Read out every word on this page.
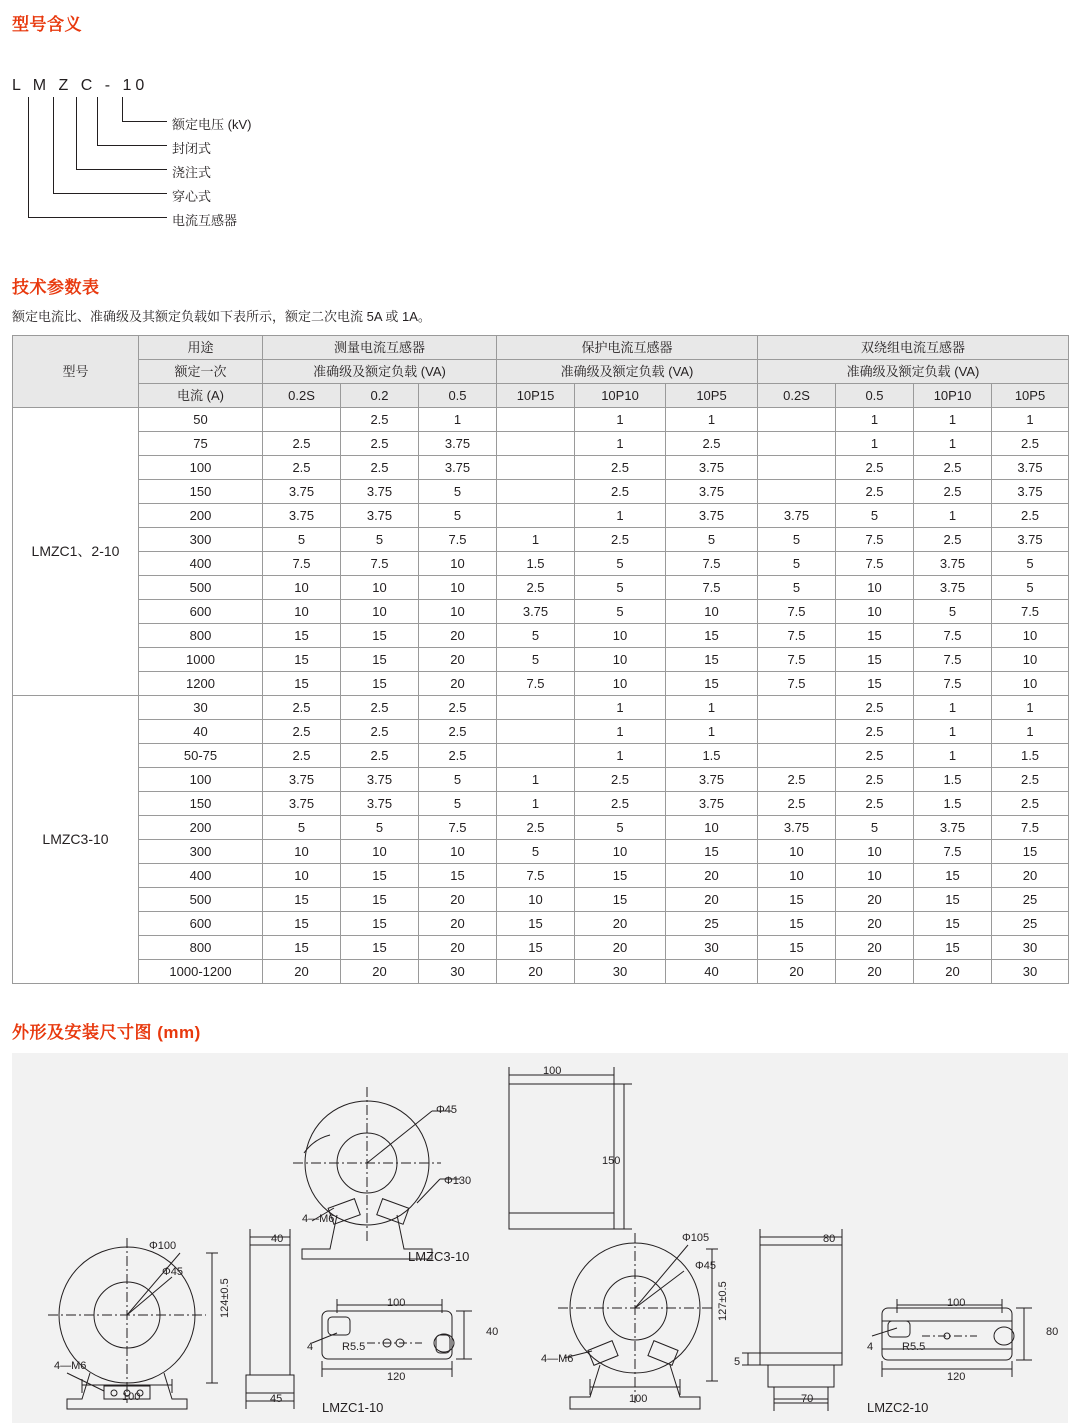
型号含义
L M Z C - 10
额定电压 (kV)
封闭式
浇注式
穿心式
电流互感器
技术参数表

额定电流比、准确级及其额定负载如下表所示，额定二次电流 5A 或 1A。

型号	用途	测量电流互感器			保护电流互感器			双绕组电流互感器			
	额定一次	准确级及额定负载 (VA)			准确级及额定负载 (VA)			准确级及额定负载 (VA)			
	电流 (A)	0.2S	0.2	0.5	10P15	10P10	10P5	0.2S	0.5	10P10	10P5
LMZC1、2-10	50		2.5	1		1	1		1	1	1
	75	2.5	2.5	3.75		1	2.5		1	1	2.5
	100	2.5	2.5	3.75		2.5	3.75		2.5	2.5	3.75
	150	3.75	3.75	5		2.5	3.75		2.5	2.5	3.75
	200	3.75	3.75	5		1	3.75	3.75	5	1	2.5
	300	5	5	7.5	1	2.5	5	5	7.5	2.5	3.75
	400	7.5	7.5	10	1.5	5	7.5	5	7.5	3.75	5
	500	10	10	10	2.5	5	7.5	5	10	3.75	5
	600	10	10	10	3.75	5	10	7.5	10	5	7.5
	800	15	15	20	5	10	15	7.5	15	7.5	10
	1000	15	15	20	5	10	15	7.5	15	7.5	10
	1200	15	15	20	7.5	10	15	7.5	15	7.5	10
LMZC3-10	30	2.5	2.5	2.5		1	1		2.5	1	1
	40	2.5	2.5	2.5		1	1		2.5	1	1
	50-75	2.5	2.5	2.5		1	1.5		2.5	1	1.5
	100	3.75	3.75	5	1	2.5	3.75	2.5	2.5	1.5	2.5
	150	3.75	3.75	5	1	2.5	3.75	2.5	2.5	1.5	2.5
	200	5	5	7.5	2.5	5	10	3.75	5	3.75	7.5
	300	10	10	10	5	10	15	10	10	7.5	15
	400	10	15	15	7.5	15	20	10	10	15	20
	500	15	15	20	10	15	20	15	20	15	25
	600	15	15	20	15	20	25	15	20	15	25
	800	15	15	20	15	20	30	15	20	15	30
	1000-1200	20	20	30	20	30	40	20	20	20	30
外形及安装尺寸图 (mm)
LMZC3-10
LMZC1-10	LMZC2-10
Φ45
Φ130
4—M6
100
150
Φ100
Φ45
124±0.5
4—M6
100
40
45
100
40
R5.5
4
120
Φ105
Φ45
127±0.5
4—M6
100
80
5
70
100
80
R5.5
4
120
